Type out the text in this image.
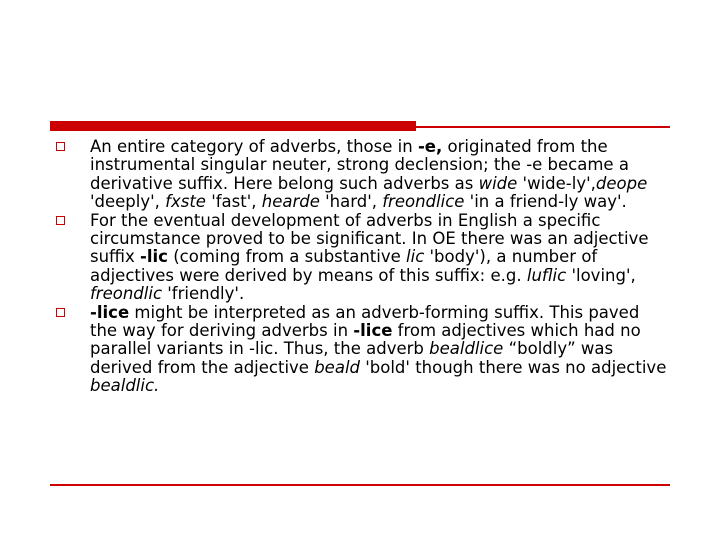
An entire category of adverbs, those in -e, originated from the instrumental singular neuter, strong declension; the -e became a derivative suffix. Here belong such adverbs as wide 'wide-ly',deope 'deeply', fxste 'fast', hearde 'hard', freondlice 'in a friend-ly way'.

For the eventual development of adverbs in English a specific circumstance proved to be significant. In OE there was an adjective suffix -lic (coming from a substantive lic 'body'), a number of adjectives were derived by means of this suffix: e.g. luflic 'loving', freondlic 'friendly'.

-lice might be interpreted as an adverb-forming suffix. This paved the way for deriving adverbs in -lice from adjectives which had no parallel variants in -lic. Thus, the adverb bealdlice “boldly” was derived from the adjective beald 'bold' though there was no adjective bealdlic.
